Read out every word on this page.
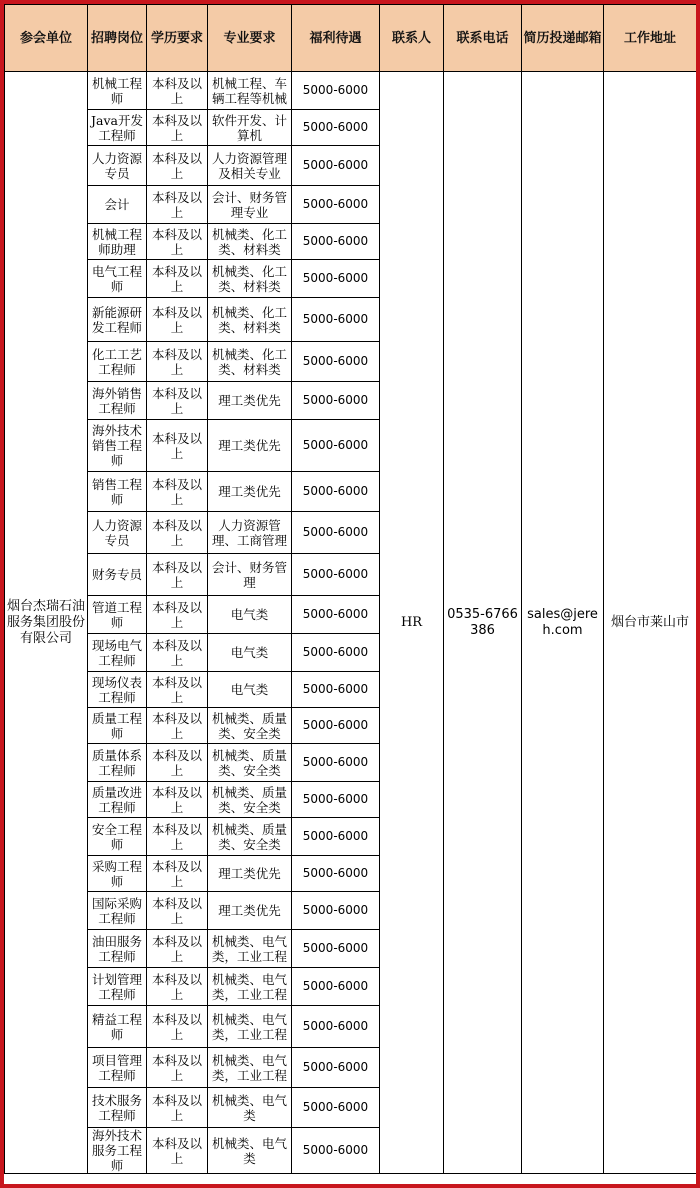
参会单位	招聘岗位	学历要求	专业要求	福利待遇	联系人	联系电话	简历投递邮箱	工作地址
烟台杰瑞石油服务集团股份有限公司	机械工程师	本科及以上	机械工程、车辆工程等机械	5000-6000	HR	0535-6766386	sales@jereh.com	烟台市莱山市
	Java开发工程师	本科及以上	软件开发、计算机	5000-6000				
	人力资源专员	本科及以上	人力资源管理及相关专业	5000-6000				
	会计	本科及以上	会计、财务管理专业	5000-6000				
	机械工程师助理	本科及以上	机械类、化工类、材料类	5000-6000				
	电气工程师	本科及以上	机械类、化工类、材料类	5000-6000				
	新能源研发工程师	本科及以上	机械类、化工类、材料类	5000-6000				
	化工工艺工程师	本科及以上	机械类、化工类、材料类	5000-6000				
	海外销售工程师	本科及以上	理工类优先	5000-6000				
	海外技术销售工程师	本科及以上	理工类优先	5000-6000				
	销售工程师	本科及以上	理工类优先	5000-6000				
	人力资源专员	本科及以上	人力资源管理、工商管理	5000-6000				
	财务专员	本科及以上	会计、财务管理	5000-6000				
	管道工程师	本科及以上	电气类	5000-6000				
	现场电气工程师	本科及以上	电气类	5000-6000				
	现场仪表工程师	本科及以上	电气类	5000-6000				
	质量工程师	本科及以上	机械类、质量类、安全类	5000-6000				
	质量体系工程师	本科及以上	机械类、质量类、安全类	5000-6000				
	质量改进工程师	本科及以上	机械类、质量类、安全类	5000-6000				
	安全工程师	本科及以上	机械类、质量类、安全类	5000-6000				
	采购工程师	本科及以上	理工类优先	5000-6000				
	国际采购工程师	本科及以上	理工类优先	5000-6000				
	油田服务工程师	本科及以上	机械类、电气类，工业工程	5000-6000				
	计划管理工程师	本科及以上	机械类、电气类，工业工程	5000-6000				
	精益工程师	本科及以上	机械类、电气类，工业工程	5000-6000				
	项目管理工程师	本科及以上	机械类、电气类，工业工程	5000-6000				
	技术服务工程师	本科及以上	机械类、电气类	5000-6000				
	海外技术服务工程师	本科及以上	机械类、电气类	5000-6000				
